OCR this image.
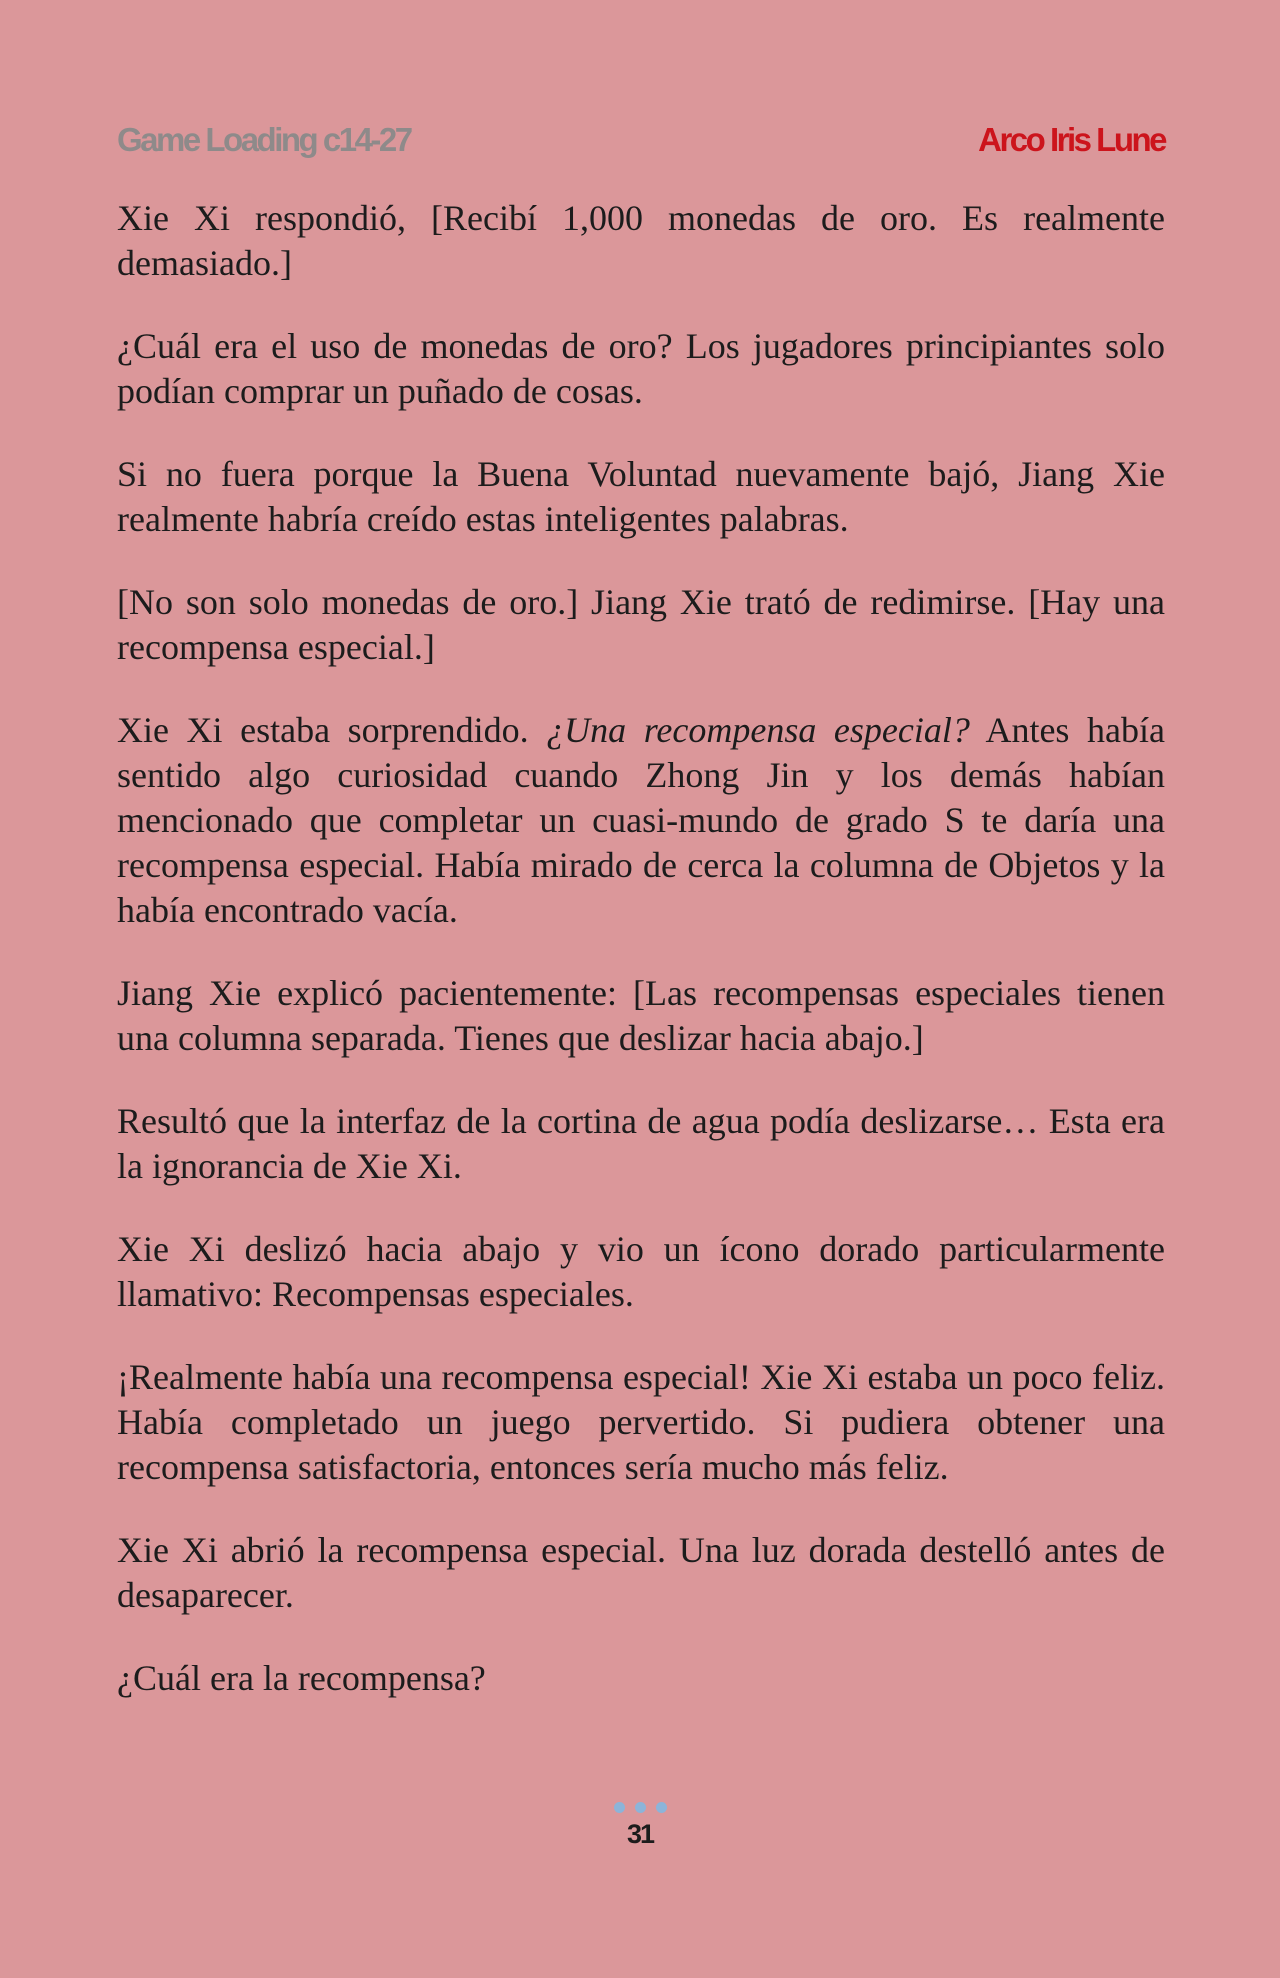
Game Loading c14-27	Arco Iris Lune

Xie Xi respondió, [Recibí 1,000 monedas de oro. Es realmente demasiado.]

¿Cuál era el uso de monedas de oro? Los jugadores principiantes solo podían comprar un puñado de cosas.

Si no fuera porque la Buena Voluntad nuevamente bajó, Jiang Xie realmente habría creído estas inteligentes palabras.

[No son solo monedas de oro.] Jiang Xie trató de redimirse. [Hay una recompensa especial.]

Xie Xi estaba sorprendido. ¿Una recompensa especial? Antes había sentido algo curiosidad cuando Zhong Jin y los demás habían mencionado que completar un cuasi-mundo de grado S te daría una recompensa especial. Había mirado de cerca la columna de Objetos y la había encontrado vacía.

Jiang Xie explicó pacientemente: [Las recompensas especiales tienen una columna separada. Tienes que deslizar hacia abajo.]

Resultó que la interfaz de la cortina de agua podía deslizarse… Esta era la ignorancia de Xie Xi.

Xie Xi deslizó hacia abajo y vio un ícono dorado particularmente llamativo: Recompensas especiales.

¡Realmente había una recompensa especial! Xie Xi estaba un poco feliz. Había completado un juego pervertido. Si pudiera obtener una recompensa satisfactoria, entonces sería mucho más feliz.

Xie Xi abrió la recompensa especial. Una luz dorada destelló antes de desaparecer.

¿Cuál era la recompensa?

31
